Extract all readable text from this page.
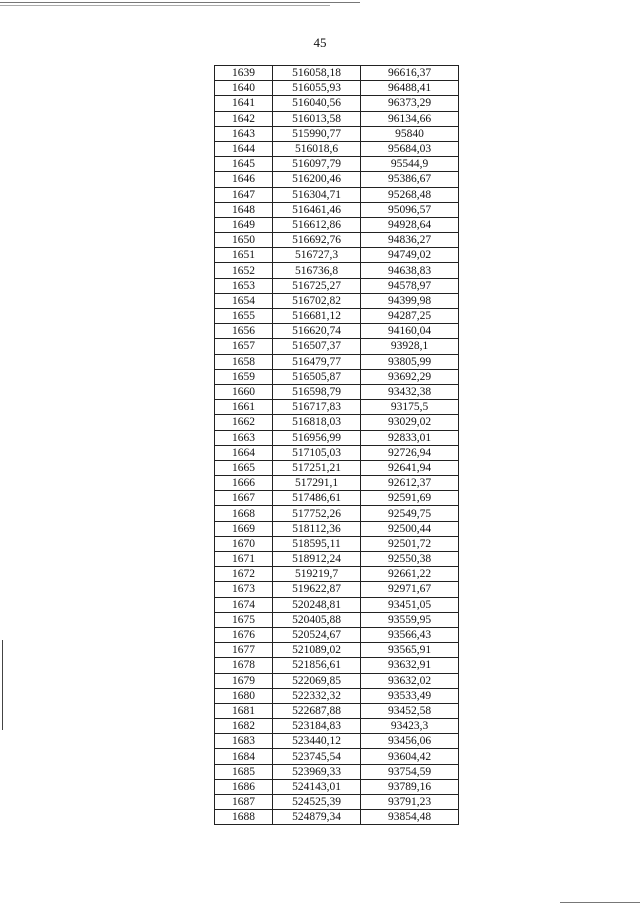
45
1639	516058,18	96616,37
1640	516055,93	96488,41
1641	516040,56	96373,29
1642	516013,58	96134,66
1643	515990,77	95840
1644	516018,6	95684,03
1645	516097,79	95544,9
1646	516200,46	95386,67
1647	516304,71	95268,48
1648	516461,46	95096,57
1649	516612,86	94928,64
1650	516692,76	94836,27
1651	516727,3	94749,02
1652	516736,8	94638,83
1653	516725,27	94578,97
1654	516702,82	94399,98
1655	516681,12	94287,25
1656	516620,74	94160,04
1657	516507,37	93928,1
1658	516479,77	93805,99
1659	516505,87	93692,29
1660	516598,79	93432,38
1661	516717,83	93175,5
1662	516818,03	93029,02
1663	516956,99	92833,01
1664	517105,03	92726,94
1665	517251,21	92641,94
1666	517291,1	92612,37
1667	517486,61	92591,69
1668	517752,26	92549,75
1669	518112,36	92500,44
1670	518595,11	92501,72
1671	518912,24	92550,38
1672	519219,7	92661,22
1673	519622,87	92971,67
1674	520248,81	93451,05
1675	520405,88	93559,95
1676	520524,67	93566,43
1677	521089,02	93565,91
1678	521856,61	93632,91
1679	522069,85	93632,02
1680	522332,32	93533,49
1681	522687,88	93452,58
1682	523184,83	93423,3
1683	523440,12	93456,06
1684	523745,54	93604,42
1685	523969,33	93754,59
1686	524143,01	93789,16
1687	524525,39	93791,23
1688	524879,34	93854,48
